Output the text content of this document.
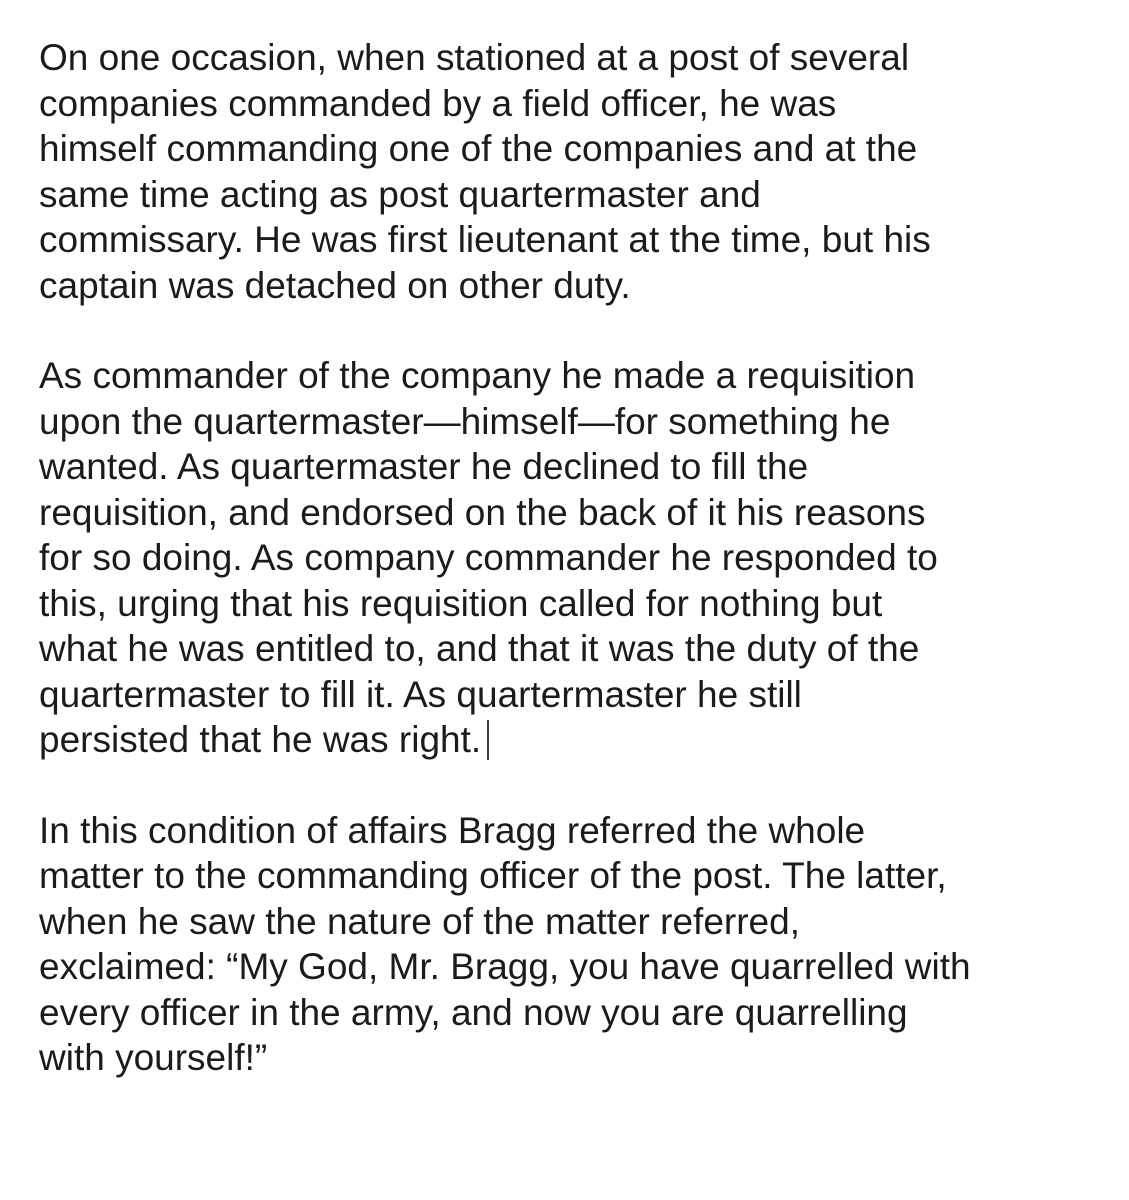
On one occasion, when stationed at a post of several
companies commanded by a field officer, he was
himself commanding one of the companies and at the
same time acting as post quartermaster and
commissary. He was first lieutenant at the time, but his
captain was detached on other duty.
As commander of the company he made a requisition
upon the quartermaster—himself—for something he
wanted. As quartermaster he declined to fill the
requisition, and endorsed on the back of it his reasons
for so doing. As company commander he responded to
this, urging that his requisition called for nothing but
what he was entitled to, and that it was the duty of the
quartermaster to fill it. As quartermaster he still
persisted that he was right.
In this condition of affairs Bragg referred the whole
matter to the commanding officer of the post. The latter,
when he saw the nature of the matter referred,
exclaimed: “My God, Mr. Bragg, you have quarrelled with
every officer in the army, and now you are quarrelling
with yourself!”
